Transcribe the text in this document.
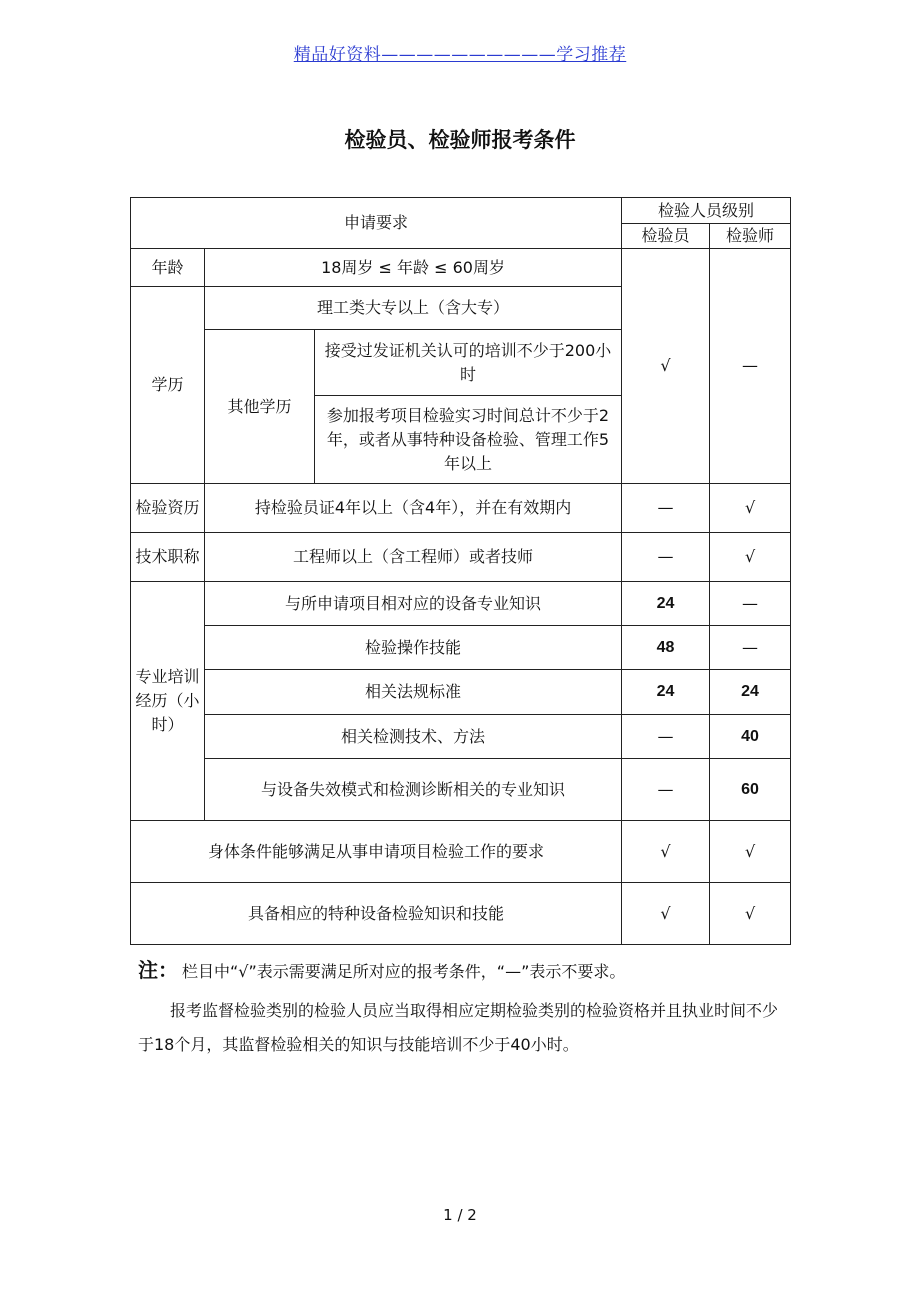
精品好资料——————————学习推荐
检验员、检验师报考条件
申请要求			检验人员级别	
			检验员	检验师
年龄	18周岁 ≤ 年龄 ≤ 60周岁		√	—
学历	理工类大专以上（含大专）			
	其他学历	接受过发证机关认可的培训不少于200小时		
		参加报考项目检验实习时间总计不少于2年，或者从事特种设备检验、管理工作5年以上		
检验资历	持检验员证4年以上（含4年），并在有效期内		—	√
技术职称	工程师以上（含工程师）或者技师		—	√
专业培训经历（小时）	与所申请项目相对应的设备专业知识		24	—
	检验操作技能		48	—
	相关法规标准		24	24
	相关检测技术、方法		—	40
	与设备失效模式和检测诊断相关的专业知识		—	60
身体条件能够满足从事申请项目检验工作的要求			√	√
具备相应的特种设备检验知识和技能			√	√
注： 栏目中“√”表示需要满足所对应的报考条件，“—”表示不要求。
报考监督检验类别的检验人员应当取得相应定期检验类别的检验资格并且执业时间不少于18个月，其监督检验相关的知识与技能培训不少于40小时。
1 / 2
